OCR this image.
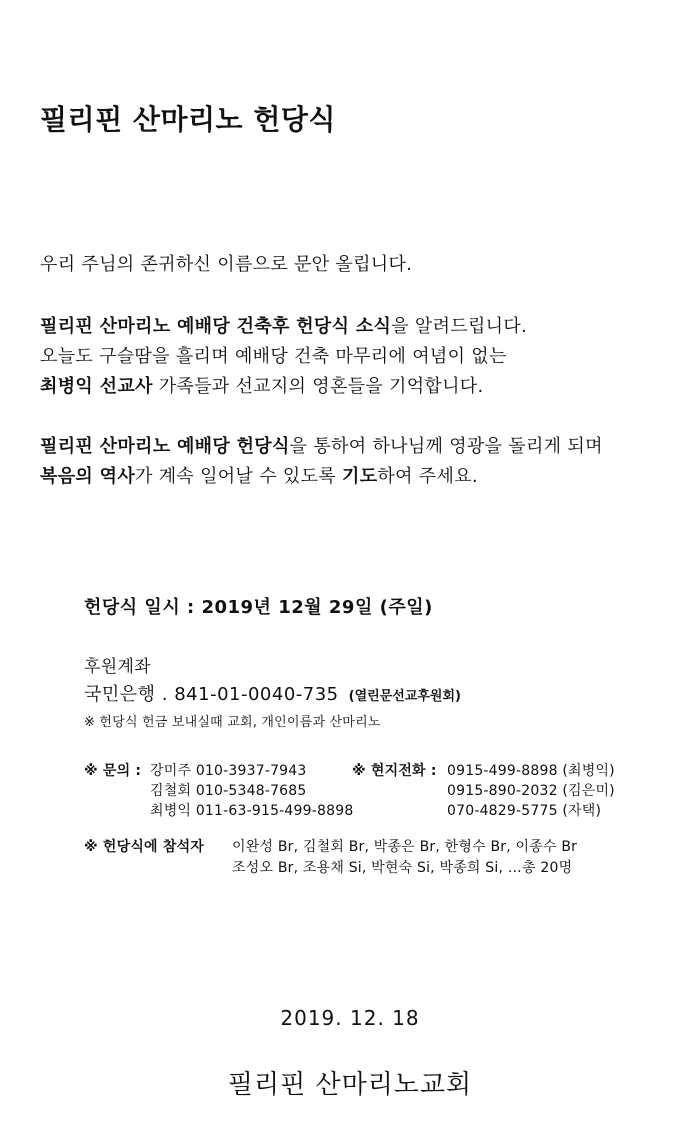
필리핀 산마리노 헌당식
우리 주님의 존귀하신 이름으로 문안 올립니다.
필리핀 산마리노 예배당 건축후 헌당식 소식을 알려드립니다.
오늘도 구슬땀을 흘리며 예배당 건축 마무리에 여념이 없는
최병익 선교사 가족들과 선교지의 영혼들을 기억합니다.
필리핀 산마리노 예배당 헌당식을 통하여 하나님께 영광을 돌리게 되며
복음의 역사가 계속 일어날 수 있도록 기도하여 주세요.
헌당식 일시 : 2019년 12월 29일 (주일)
후원계좌
국민은행 . 841-01-0040-735 (열린문선교후원회)
※ 헌당식 헌금 보내실때 교회, 개인이름과 산마리노
※ 문의 : 강미주 010-3937-7943
김철회 010-5348-7685
최병익 011-63-915-499-8898
※ 현지전화 : 0915-499-8898 (최병익)
0915-890-2032 (김은미)
070-4829-5775 (자택)
※ 헌당식에 참석자 이완성 Br, 김철회 Br, 박종은 Br, 한형수 Br, 이종수 Br
조성오 Br, 조용채 Si, 박현숙 Si, 박종희 Si, …총 20명
2019. 12. 18
필리핀 산마리노교회
